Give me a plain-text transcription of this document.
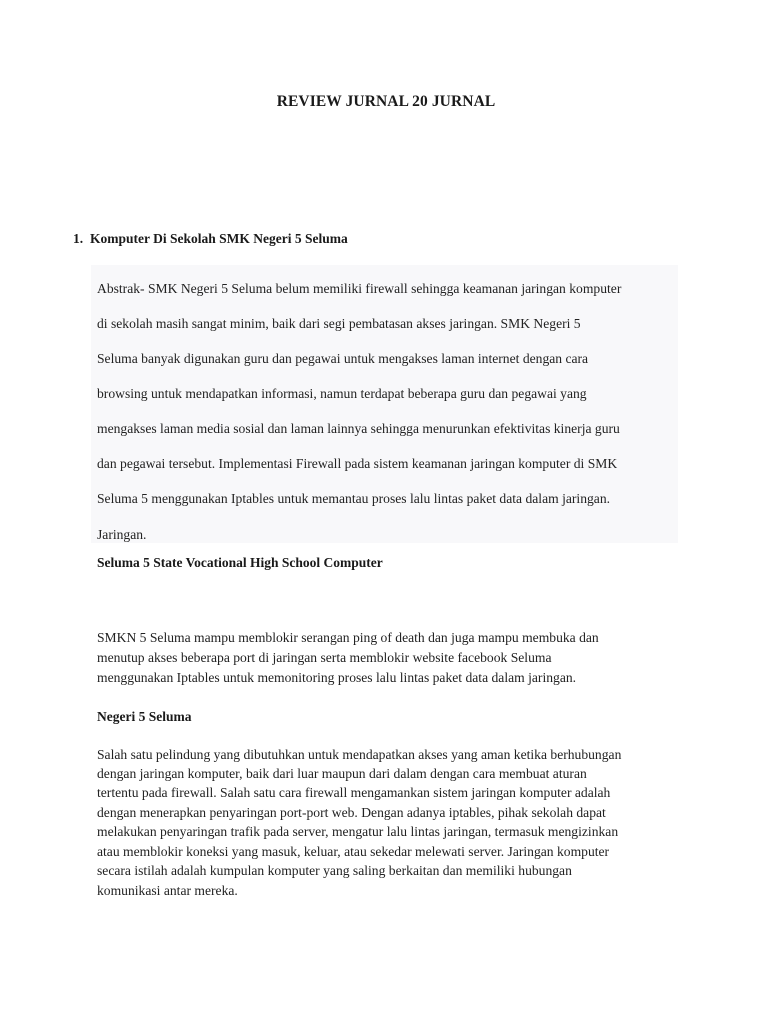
REVIEW JURNAL 20 JURNAL
1. Komputer Di Sekolah SMK Negeri 5 Seluma
Abstrak- SMK Negeri 5 Seluma belum memiliki firewall sehingga keamanan jaringan komputer
di sekolah masih sangat minim, baik dari segi pembatasan akses jaringan. SMK Negeri 5
Seluma banyak digunakan guru dan pegawai untuk mengakses laman internet dengan cara
browsing untuk mendapatkan informasi, namun terdapat beberapa guru dan pegawai yang
mengakses laman media sosial dan laman lainnya sehingga menurunkan efektivitas kinerja guru
dan pegawai tersebut. Implementasi Firewall pada sistem keamanan jaringan komputer di SMK
Seluma 5 menggunakan Iptables untuk memantau proses lalu lintas paket data dalam jaringan.
Jaringan.
Seluma 5 State Vocational High School Computer
SMKN 5 Seluma mampu memblokir serangan ping of death dan juga mampu membuka dan
menutup akses beberapa port di jaringan serta memblokir website facebook Seluma
menggunakan Iptables untuk memonitoring proses lalu lintas paket data dalam jaringan.
Negeri 5 Seluma
Salah satu pelindung yang dibutuhkan untuk mendapatkan akses yang aman ketika berhubungan
dengan jaringan komputer, baik dari luar maupun dari dalam dengan cara membuat aturan
tertentu pada firewall. Salah satu cara firewall mengamankan sistem jaringan komputer adalah
dengan menerapkan penyaringan port-port web. Dengan adanya iptables, pihak sekolah dapat
melakukan penyaringan trafik pada server, mengatur lalu lintas jaringan, termasuk mengizinkan
atau memblokir koneksi yang masuk, keluar, atau sekedar melewati server. Jaringan komputer
secara istilah adalah kumpulan komputer yang saling berkaitan dan memiliki hubungan
komunikasi antar mereka.
